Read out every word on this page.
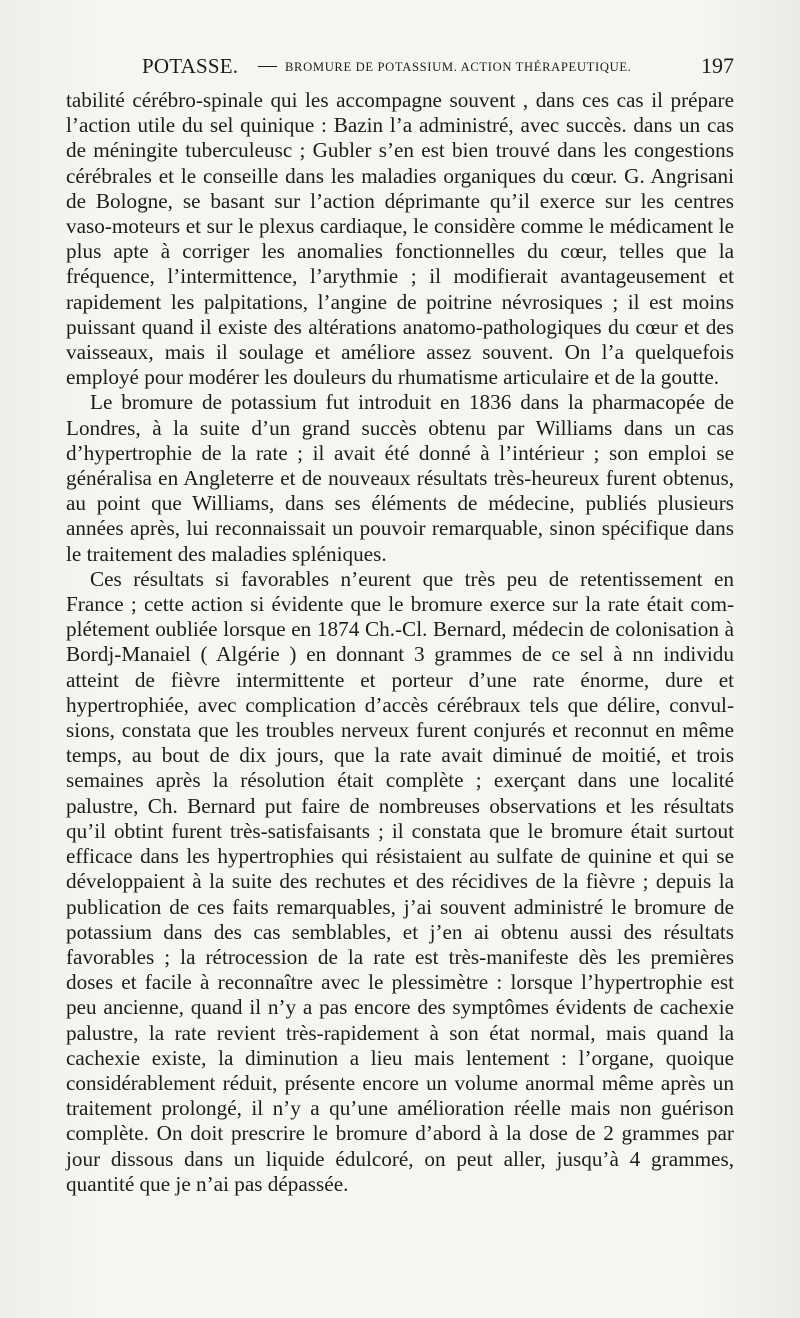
POTASSE. — BROMURE DE POTASSIUM. ACTION THÉRAPEUTIQUE.	197

tabilité cérébro-spinale qui les accompagne souvent , dans ces cas il prépare l’action utile du sel quinique : Bazin l’a administré, avec succès. dans un cas de méningite tuberculeusc ; Gubler s’en est bien trouvé dans les congestions cérébrales et le conseille dans les maladies organiques du cœur. G. Angrisani de Bologne, se basant sur l’action déprimante qu’il exerce sur les centres vaso-moteurs et sur le plexus cardiaque, le considère comme le médicament le plus apte à corriger les anomalies fonctionnelles du cœur, telles que la fréquence, l’intermittence, l’arythmie ; il modifierait avantageusement et rapidement les palpitations, l’angine de poitrine névrosiques ; il est moins puissant quand il existe des altérations anatomo-pathologiques du cœur et des vaisseaux, mais il soulage et améliore assez souvent. On l’a quelquefois employé pour modérer les douleurs du rhumatisme articulaire et de la goutte.

Le bromure de potassium fut introduit en 1836 dans la pharmacopée de Londres, à la suite d’un grand succès obtenu par Williams dans un cas d’hypertrophie de la rate ; il avait été donné à l’intérieur ; son emploi se généralisa en Angleterre et de nouveaux résultats très-heureux furent obtenus, au point que Williams, dans ses éléments de médecine, publiés plusieurs années après, lui reconnaissait un pouvoir remarquable, sinon spécifique dans le traitement des maladies spléniques.

Ces résultats si favorables n’eurent que très peu de retentissement en France ; cette action si évidente que le bromure exerce sur la rate était complétement oubliée lorsque en 1874 Ch.-Cl. Bernard, médecin de colonisation à Bordj-Manaiel ( Algérie ) en donnant 3 grammes de ce sel à nn individu atteint de fièvre intermittente et porteur d’une rate énorme, dure et hypertrophiée, avec complication d’accès cérébraux tels que délire, convulsions, constata que les troubles nerveux furent conjurés et reconnut en même temps, au bout de dix jours, que la rate avait diminué de moitié, et trois semaines après la résolution était complète ; exerçant dans une localité palustre, Ch. Bernard put faire de nombreuses observations et les résultats qu’il obtint furent très-satisfaisants ; il constata que le bromure était surtout efficace dans les hypertrophies qui résistaient au sulfate de quinine et qui se développaient à la suite des rechutes et des récidives de la fièvre ; depuis la publication de ces faits remarquables, j’ai souvent administré le bromure de potassium dans des cas semblables, et j’en ai obtenu aussi des résultats favorables ; la rétrocession de la rate est très-manifeste dès les premières doses et facile à reconnaître avec le plessimètre : lorsque l’hypertrophie est peu ancienne, quand il n’y a pas encore des symptômes évidents de cachexie palustre, la rate revient très-rapidement à son état normal, mais quand la cachexie existe, la diminution a lieu mais lentement : l’organe, quoique considérablement réduit, présente encore un volume anormal même après un traitement prolongé, il n’y a qu’une amélioration réelle mais non guérison complète. On doit prescrire le bromure d’abord à la dose de 2 grammes par jour dissous dans un liquide édulcoré, on peut aller, jusqu’à 4 grammes, quantité que je n’ai pas dépassée.
